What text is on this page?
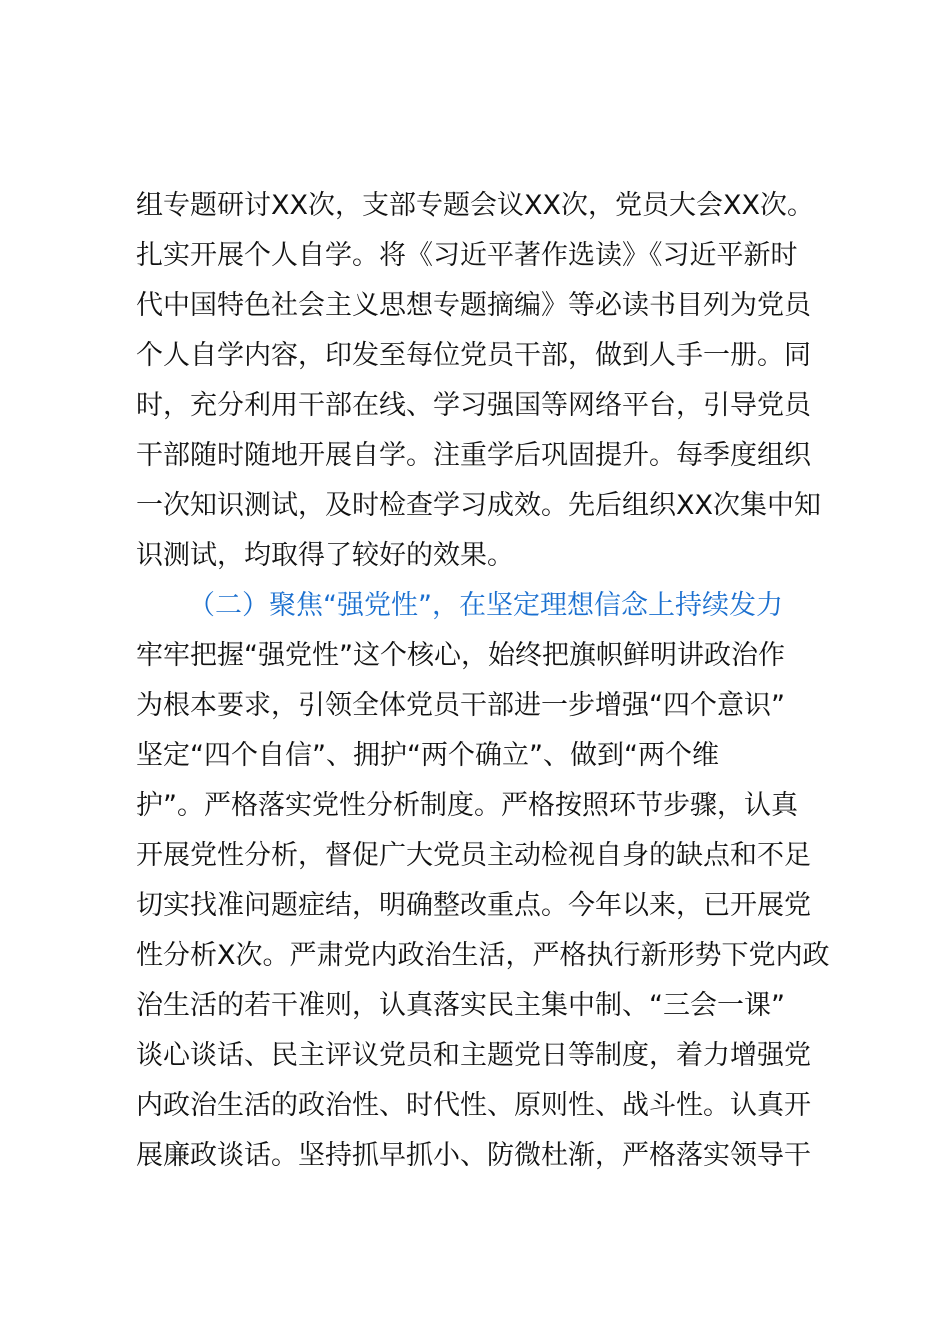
组专题研讨XX次，支部专题会议XX次，党员大会XX次。
扎实开展个人自学。将《习近平著作选读》《习近平新时
代中国特色社会主义思想专题摘编》等必读书目列为党员
个人自学内容，印发至每位党员干部，做到人手一册。同
时，充分利用干部在线、学习强国等网络平台，引导党员
干部随时随地开展自学。注重学后巩固提升。每季度组织
一次知识测试，及时检查学习成效。先后组织XX次集中知
识测试，均取得了较好的效果。
（二）聚焦“强党性”，在坚定理想信念上持续发力
牢牢把握“强党性”这个核心，始终把旗帜鲜明讲政治作
为根本要求，引领全体党员干部进一步增强“四个意识”
坚定“四个自信”、拥护“两个确立”、做到“两个维
护”。严格落实党性分析制度。严格按照环节步骤，认真
开展党性分析，督促广大党员主动检视自身的缺点和不足
切实找准问题症结，明确整改重点。今年以来，已开展党
性分析X次。严肃党内政治生活，严格执行新形势下党内政
治生活的若干准则，认真落实民主集中制、“三会一课”
谈心谈话、民主评议党员和主题党日等制度，着力增强党
内政治生活的政治性、时代性、原则性、战斗性。认真开
展廉政谈话。坚持抓早抓小、防微杜渐，严格落实领导干
